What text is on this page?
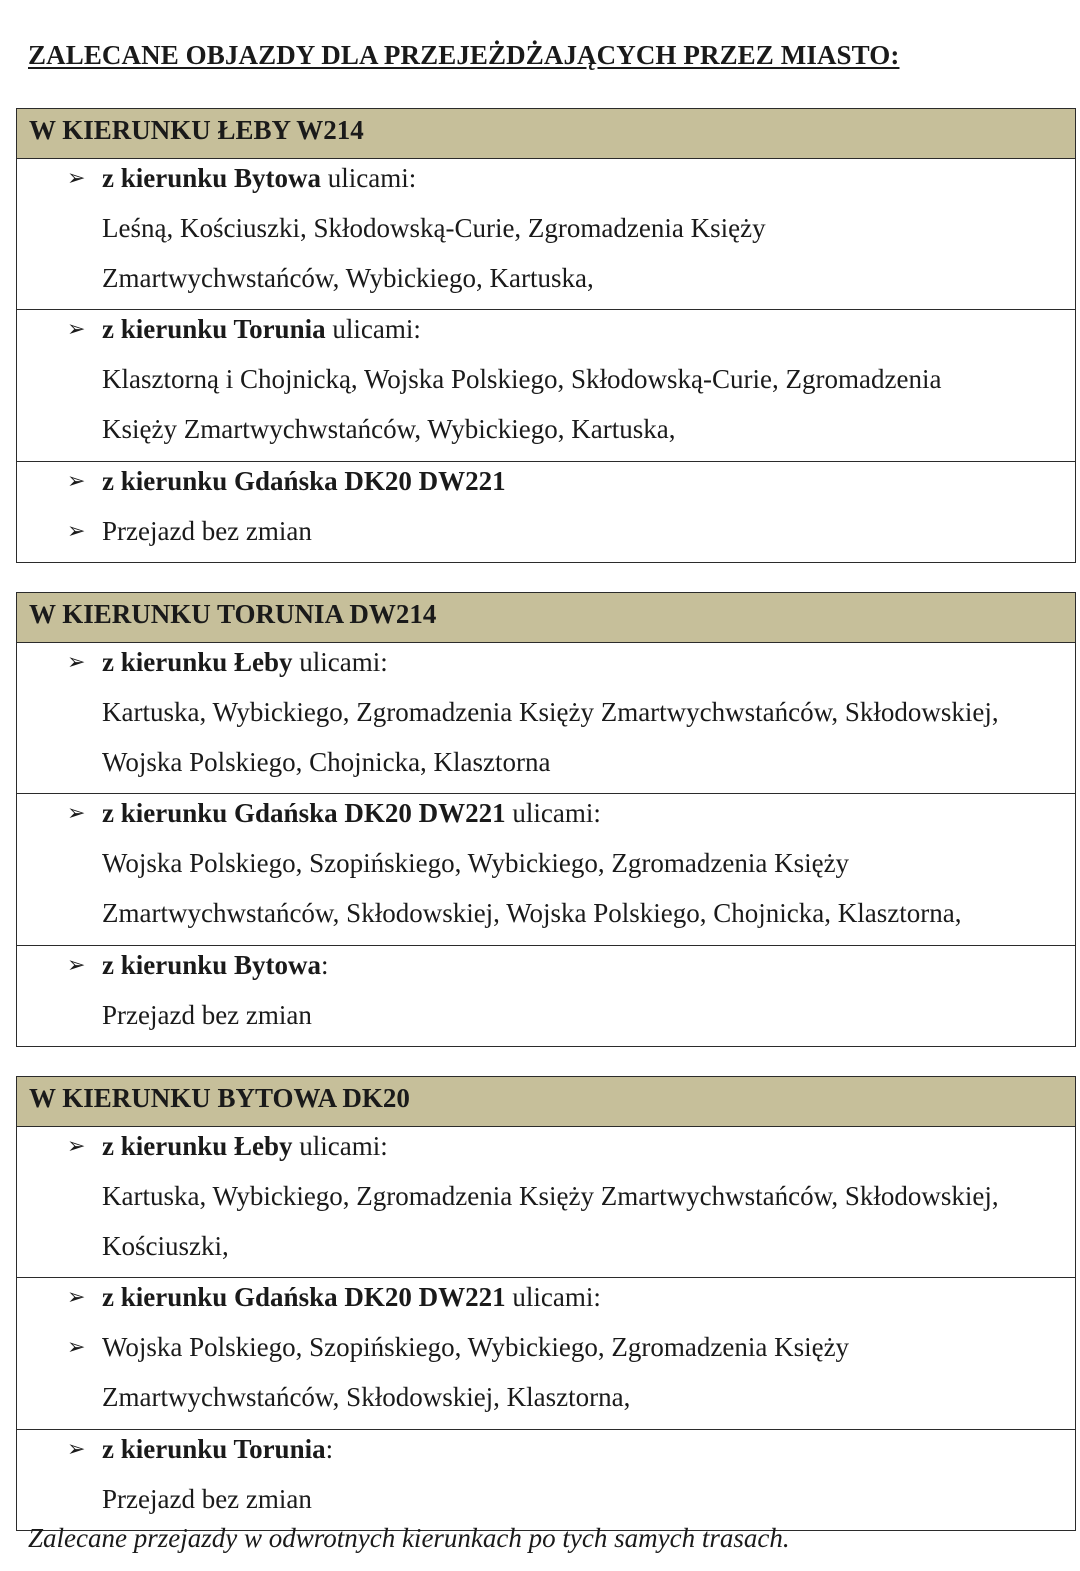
ZALECANE OBJAZDY DLA PRZEJEŻDŻAJĄCYCH PRZEZ MIASTO:
W KIERUNKU ŁEBY W214
➢ z kierunku Bytowa ulicami:
Leśną, Kościuszki, Skłodowską-Curie, Zgromadzenia Księży
Zmartwychwstańców, Wybickiego, Kartuska,
➢ z kierunku Torunia ulicami:
Klasztorną i Chojnicką, Wojska Polskiego, Skłodowską-Curie, Zgromadzenia
Księży Zmartwychwstańców, Wybickiego, Kartuska,
➢ z kierunku Gdańska DK20 DW221
➢ Przejazd bez zmian
W KIERUNKU TORUNIA DW214
➢ z kierunku Łeby ulicami:
Kartuska, Wybickiego, Zgromadzenia Księży Zmartwychwstańców, Skłodowskiej,
Wojska Polskiego, Chojnicka, Klasztorna
➢ z kierunku Gdańska DK20 DW221 ulicami:
Wojska Polskiego, Szopińskiego, Wybickiego, Zgromadzenia Księży
Zmartwychwstańców, Skłodowskiej, Wojska Polskiego, Chojnicka, Klasztorna,
➢ z kierunku Bytowa:
Przejazd bez zmian
W KIERUNKU BYTOWA DK20
➢ z kierunku Łeby ulicami:
Kartuska, Wybickiego, Zgromadzenia Księży Zmartwychwstańców, Skłodowskiej,
Kościuszki,
➢ z kierunku Gdańska DK20 DW221 ulicami:
➢ Wojska Polskiego, Szopińskiego, Wybickiego, Zgromadzenia Księży
Zmartwychwstańców, Skłodowskiej, Klasztorna,
➢ z kierunku Torunia:
Przejazd bez zmian
Zalecane przejazdy w odwrotnych kierunkach po tych samych trasach.
